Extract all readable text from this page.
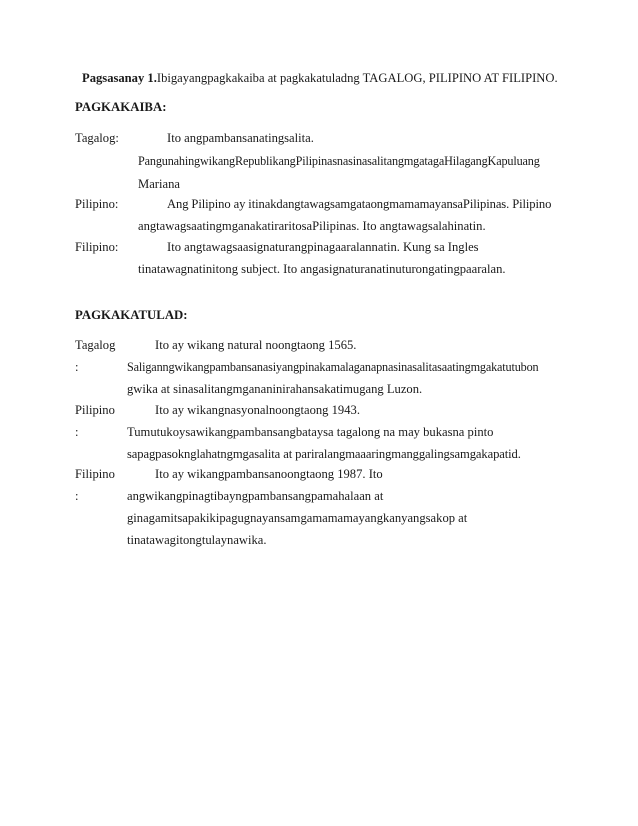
Pagsasanay 1.Ibigayangpagkakaiba at pagkakatuladng TAGALOG, PILIPINO AT FILIPINO.
PAGKAKAIBA:
Tagalog:	Ito angpambansanatingsalita.
PangunahingwikangRepublikangPilipinasnasinasalitangmgatagaHilagangKapuluang
Mariana
Pilipino:	Ang Pilipino ay itinakdangtawagsamgataongmamamayansaPilipinas. Pilipino
angtawagsaatingmganakatiraritosaPilipinas. Ito angtawagsalahinatin.
Filipino:	Ito angtawagsaasignaturangpinagaaralannatin. Kung sa Ingles
tinatawagnatinitong subject. Ito angasignaturanatinuturongatingpaaralan.
PAGKAKATULAD:
Tagalog	Ito ay wikang natural noongtaong 1565.
:	Saliganngwikangpambansanasiyangpinakamalaganapnasinasalitasaatingmgakatutubon
gwika at sinasalitangmgananinirahansakatimugang Luzon.
Pilipino	Ito ay wikangnasyonalnoongtaong 1943.
:	Tumutukoysawikangpambansangbataysa tagalong na may bukasna pinto
sapagpasoknglahatngmgasalita at pariralangmaaaringmanggalingsamgakapatid.
Filipino	Ito ay wikangpambansanoongtaong 1987. Ito
:	angwikangpinagtibayngpambansangpamahalaan at
ginagamitsapakikipagugnayansamgamamamayangkanyangsakop at
tinatawagitongtulaynawika.
